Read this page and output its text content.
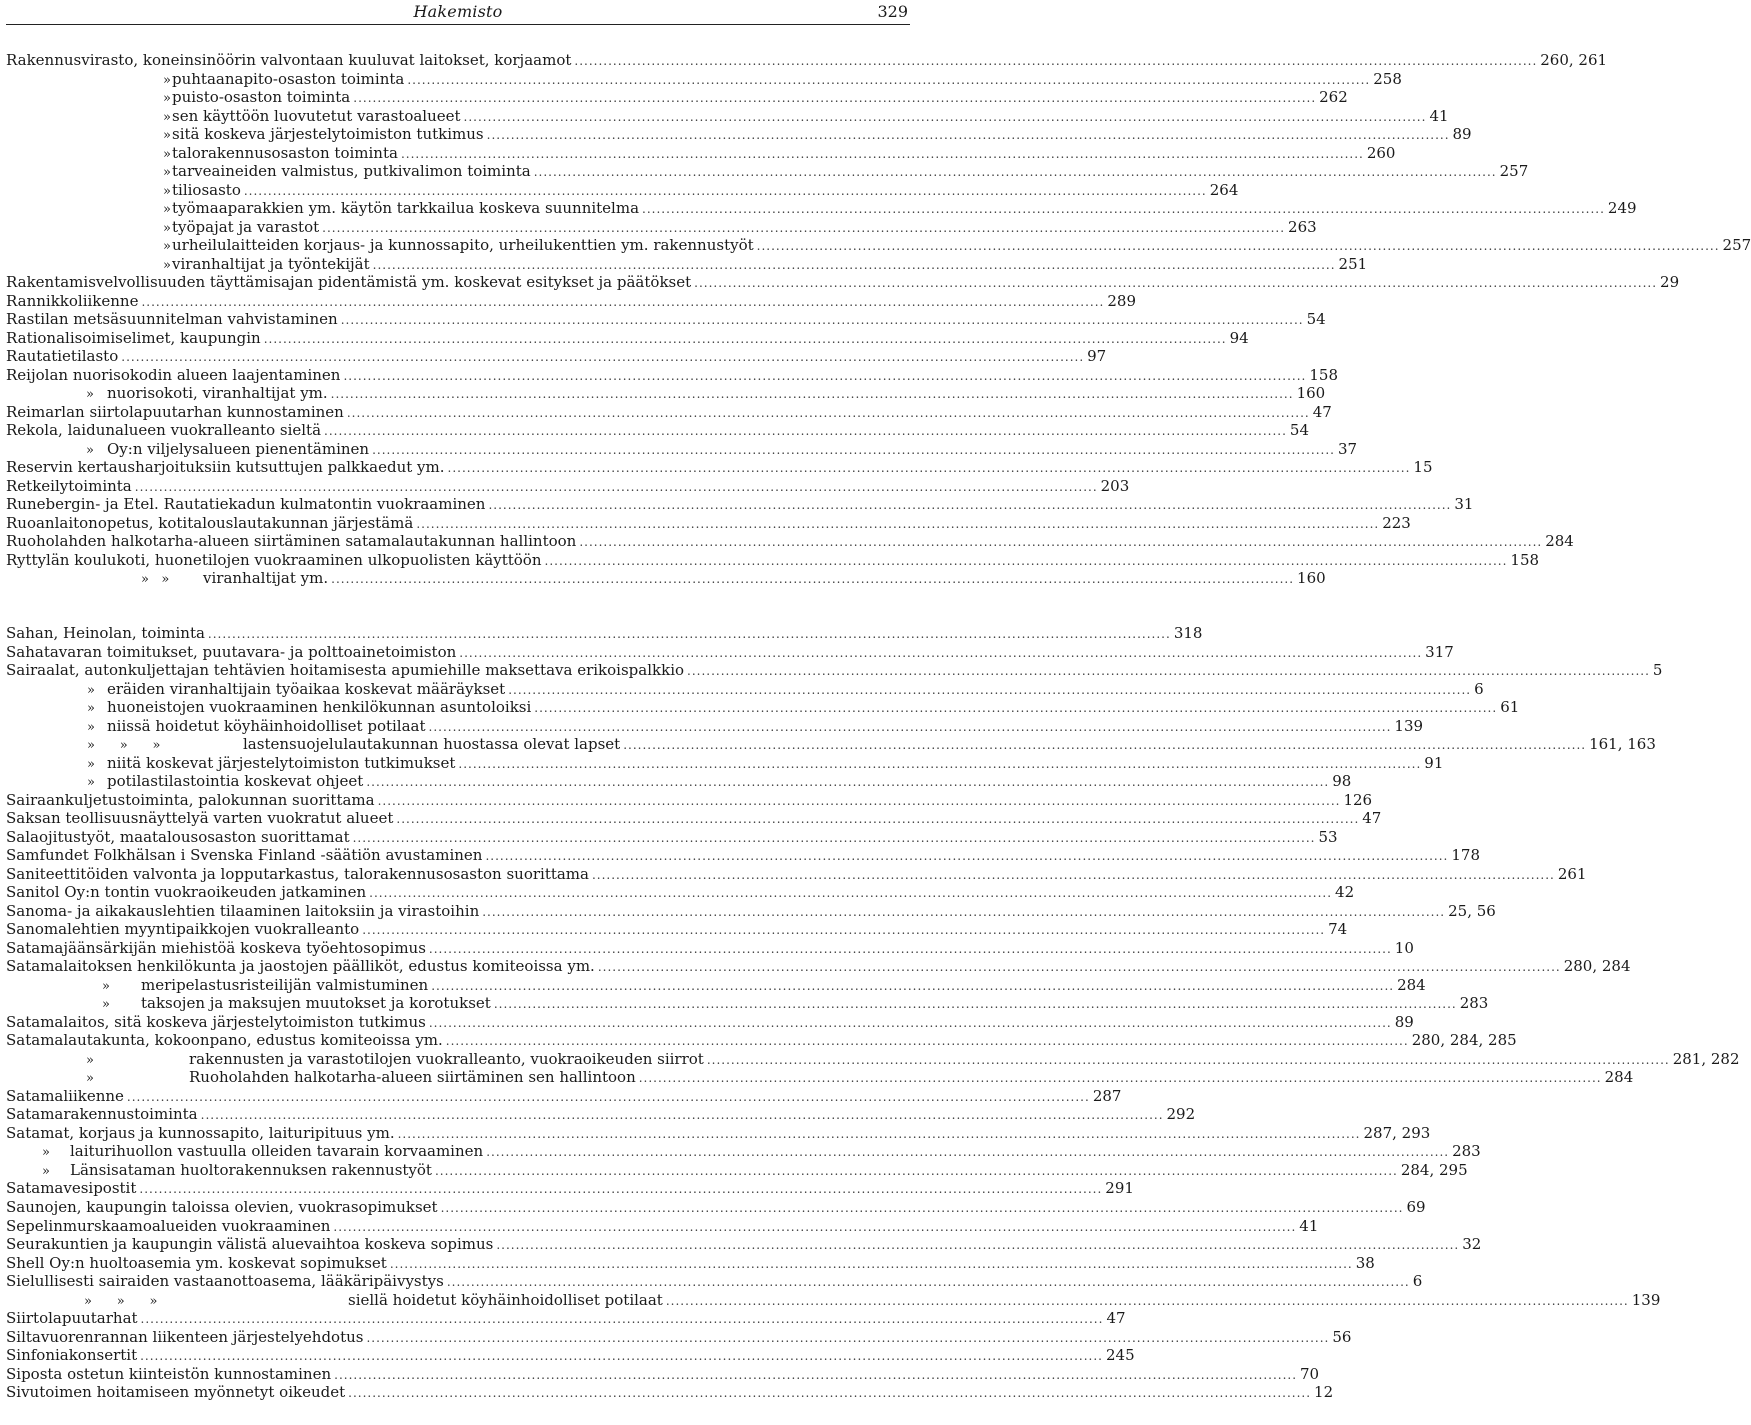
Hakemisto	329
Rakennusvirasto, koneinsinöörin valvontaan kuuluvat laitokset, korjaamot ........................................................................................................................................................................................................ 260, 261
» puhtaanapito-osaston toiminta ........................................................................................................................................................................................................ 258
» puisto-osaston toiminta ........................................................................................................................................................................................................ 262
» sen käyttöön luovutetut varastoalueet ........................................................................................................................................................................................................ 41
» sitä koskeva järjestelytoimiston tutkimus ........................................................................................................................................................................................................ 89
» talorakennusosaston toiminta ........................................................................................................................................................................................................ 260
» tarveaineiden valmistus, putkivalimon toiminta ........................................................................................................................................................................................................ 257
» tiliosasto ........................................................................................................................................................................................................ 264
» työmaaparakkien ym. käytön tarkkailua koskeva suunnitelma ........................................................................................................................................................................................................ 249
» työpajat ja varastot ........................................................................................................................................................................................................ 263
» urheilulaitteiden korjaus- ja kunnossapito, urheilukenttien ym. rakennustyöt ........................................................................................................................................................................................................ 257
» viranhaltijat ja työntekijät ........................................................................................................................................................................................................ 251
Rakentamisvelvollisuuden täyttämisajan pidentämistä ym. koskevat esitykset ja päätökset ........................................................................................................................................................................................................ 29
Rannikkoliikenne ........................................................................................................................................................................................................ 289
Rastilan metsäsuunnitelman vahvistaminen ........................................................................................................................................................................................................ 54
Rationalisoimiselimet, kaupungin ........................................................................................................................................................................................................ 94
Rautatietilasto ........................................................................................................................................................................................................ 97
Reijolan nuorisokodin alueen laajentaminen ........................................................................................................................................................................................................ 158
» nuorisokoti, viranhaltijat ym. ........................................................................................................................................................................................................ 160
Reimarlan siirtolapuutarhan kunnostaminen ........................................................................................................................................................................................................ 47
Rekola, laidunalueen vuokralleanto sieltä ........................................................................................................................................................................................................ 54
» Oy:n viljelysalueen pienentäminen ........................................................................................................................................................................................................ 37
Reservin kertausharjoituksiin kutsuttujen palkkaedut ym. ........................................................................................................................................................................................................ 15
Retkeilytoiminta ........................................................................................................................................................................................................ 203
Runebergin- ja Etel. Rautatiekadun kulmatontin vuokraaminen ........................................................................................................................................................................................................ 31
Ruoanlaitonopetus, kotitalouslautakunnan järjestämä ........................................................................................................................................................................................................ 223
Ruoholahden halkotarha-alueen siirtäminen satamalautakunnan hallintoon ........................................................................................................................................................................................................ 284
Ryttylän koulukoti, huonetilojen vuokraaminen ulkopuolisten käyttöön ........................................................................................................................................................................................................ 158
»   »	viranhaltijat ym. ........................................................................................................................................................................................................ 160
Sahan, Heinolan, toiminta ........................................................................................................................................................................................................ 318
Sahatavaran toimitukset, puutavara- ja polttoainetoimiston ........................................................................................................................................................................................................ 317
Sairaalat, autonkuljettajan tehtävien hoitamisesta apumiehille maksettava erikoispalkkio ........................................................................................................................................................................................................ 5
» eräiden viranhaltijain työaikaa koskevat määräykset ........................................................................................................................................................................................................ 6
» huoneistojen vuokraaminen henkilökunnan asuntoloiksi ........................................................................................................................................................................................................ 61
» niissä hoidetut köyhäinhoidolliset potilaat ........................................................................................................................................................................................................ 139
»      »      »	lastensuojelulautakunnan huostassa olevat lapset ........................................................................................................................................................................................................ 161, 163
» niitä koskevat järjestelytoimiston tutkimukset ........................................................................................................................................................................................................ 91
» potilastilastointia koskevat ohjeet ........................................................................................................................................................................................................ 98
Sairaankuljetustoiminta, palokunnan suorittama ........................................................................................................................................................................................................ 126
Saksan teollisuusnäyttelyä varten vuokratut alueet ........................................................................................................................................................................................................ 47
Salaojitustyöt, maatalousosaston suorittamat ........................................................................................................................................................................................................ 53
Samfundet Folkhälsan i Svenska Finland -säätiön avustaminen ........................................................................................................................................................................................................ 178
Saniteettitöiden valvonta ja lopputarkastus, talorakennusosaston suorittama ........................................................................................................................................................................................................ 261
Sanitol Oy:n tontin vuokraoikeuden jatkaminen ........................................................................................................................................................................................................ 42
Sanoma- ja aikakauslehtien tilaaminen laitoksiin ja virastoihin ........................................................................................................................................................................................................ 25, 56
Sanomalehtien myyntipaikkojen vuokralleanto ........................................................................................................................................................................................................ 74
Satamajäänsärkijän miehistöä koskeva työehtosopimus ........................................................................................................................................................................................................ 10
Satamalaitoksen henkilökunta ja jaostojen päälliköt, edustus komiteoissa ym. ........................................................................................................................................................................................................ 280, 284
»	meripelastusristeilijän valmistuminen ........................................................................................................................................................................................................ 284
»	taksojen ja maksujen muutokset ja korotukset ........................................................................................................................................................................................................ 283
Satamalaitos, sitä koskeva järjestelytoimiston tutkimus ........................................................................................................................................................................................................ 89
Satamalautakunta, kokoonpano, edustus komiteoissa ym. ........................................................................................................................................................................................................ 280, 284, 285
»	rakennusten ja varastotilojen vuokralleanto, vuokraoikeuden siirrot ........................................................................................................................................................................................................ 281, 282
»	Ruoholahden halkotarha-alueen siirtäminen sen hallintoon ........................................................................................................................................................................................................ 284
Satamaliikenne ........................................................................................................................................................................................................ 287
Satamarakennustoiminta ........................................................................................................................................................................................................ 292
Satamat, korjaus ja kunnossapito, laituripituus ym. ........................................................................................................................................................................................................ 287, 293
»	laiturihuollon vastuulla olleiden tavarain korvaaminen ........................................................................................................................................................................................................ 283
»	Länsisataman huoltorakennuksen rakennustyöt ........................................................................................................................................................................................................ 284, 295
Satamavesipostit ........................................................................................................................................................................................................ 291
Saunojen, kaupungin taloissa olevien, vuokrasopimukset ........................................................................................................................................................................................................ 69
Sepelinmurskaamoalueiden vuokraaminen ........................................................................................................................................................................................................ 41
Seurakuntien ja kaupungin välistä aluevaihtoa koskeva sopimus ........................................................................................................................................................................................................ 32
Shell Oy:n huoltoasemia ym. koskevat sopimukset ........................................................................................................................................................................................................ 38
Sielullisesti sairaiden vastaanottoasema, lääkäripäivystys ........................................................................................................................................................................................................ 6
»      »      »	siellä hoidetut köyhäinhoidolliset potilaat ........................................................................................................................................................................................................ 139
Siirtolapuutarhat ........................................................................................................................................................................................................ 47
Siltavuorenrannan liikenteen järjestelyehdotus ........................................................................................................................................................................................................ 56
Sinfoniakonsertit ........................................................................................................................................................................................................ 245
Siposta ostetun kiinteistön kunnostaminen ........................................................................................................................................................................................................ 70
Sivutoimen hoitamiseen myönnetyt oikeudet ........................................................................................................................................................................................................ 12
